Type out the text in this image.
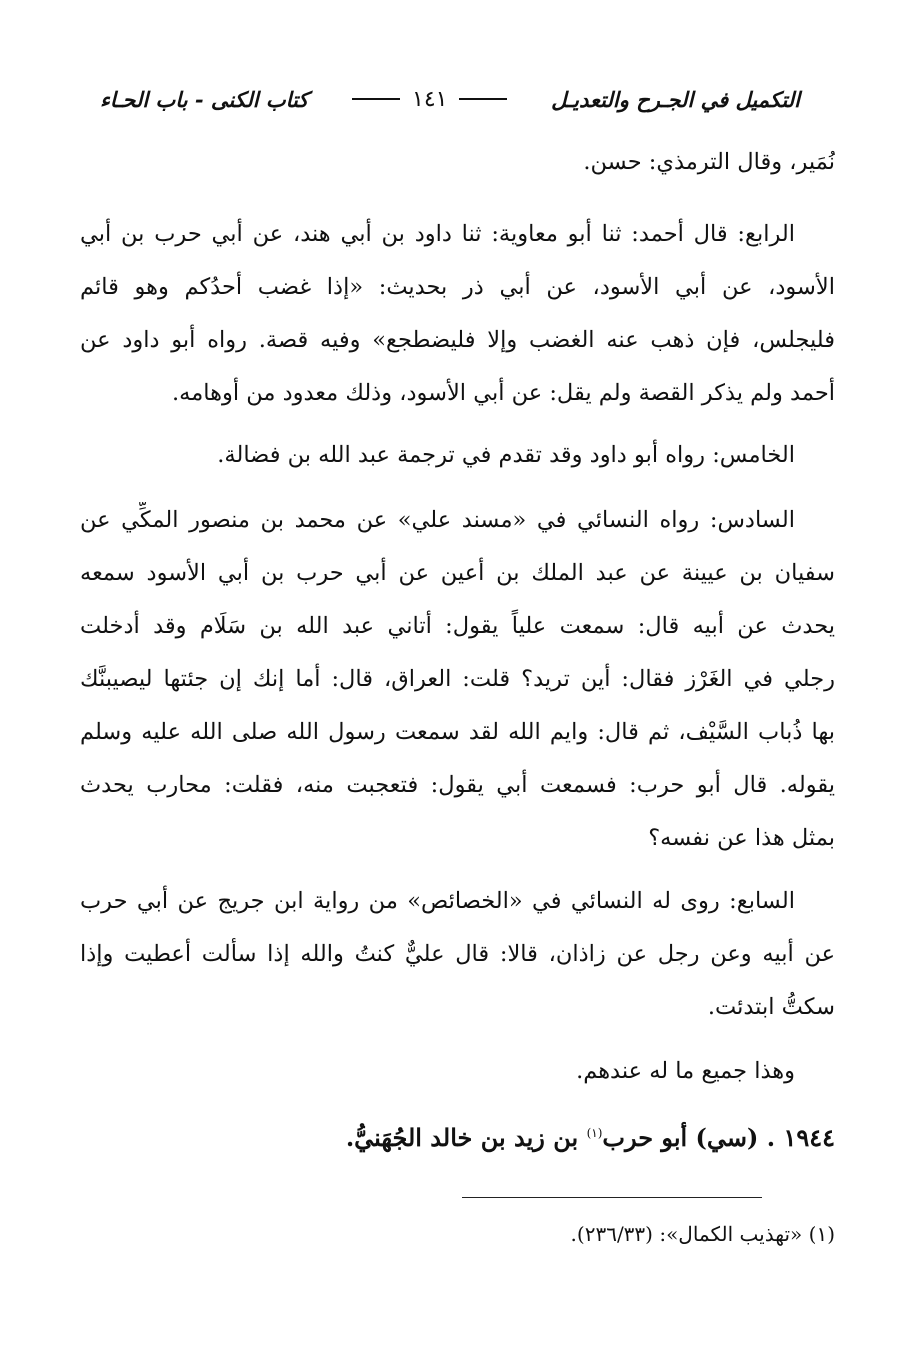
التكميل في الجـرح والتعديـل
١٤١
كتاب الكنى - باب الحـاء
نُمَير، وقال الترمذي: حسن.
الرابع: قال أحمد: ثنا أبو معاوية: ثنا داود بن أبي هند، عن أبي حرب بن أبي
الأسود، عن أبي الأسود، عن أبي ذر بحديث: «إذا غضب أحدُكم وهو قائم
فليجلس، فإن ذهب عنه الغضب وإلا فليضطجع» وفيه قصة. رواه أبو داود عن
أحمد ولم يذكر القصة ولم يقل: عن أبي الأسود، وذلك معدود من أوهامه.
الخامس: رواه أبو داود وقد تقدم في ترجمة عبد الله بن فضالة.
السادس: رواه النسائي في «مسند علي» عن محمد بن منصور المكِّي عن
سفيان بن عيينة عن عبد الملك بن أعين عن أبي حرب بن أبي الأسود سمعه
يحدث عن أبيه قال: سمعت علياً يقول: أتاني عبد الله بن سَلَام وقد أدخلت
رجلي في الغَرْز فقال: أين تريد؟ قلت: العراق، قال: أما إنك إن جئتها ليصيبنَّك
بها ذُباب السَّيْف، ثم قال: وايم الله لقد سمعت رسول الله صلى الله عليه وسلم
يقوله. قال أبو حرب: فسمعت أبي يقول: فتعجبت منه، فقلت: محارب يحدث
بمثل هذا عن نفسه؟
السابع: روى له النسائي في «الخصائص» من رواية ابن جريج عن أبي حرب
عن أبيه وعن رجل عن زاذان، قالا: قال عليٌّ كنتُ والله إذا سألت أعطيت وإذا
سكتُّ ابتدئت.
وهذا جميع ما له عندهم.
١٩٤٤ . (سي) أبو حرب$^{(١)}$ بن زيد بن خالد الجُهَنيُّ.
(١) «تهذيب الكمال»: (٢٣٦/٣٣).
